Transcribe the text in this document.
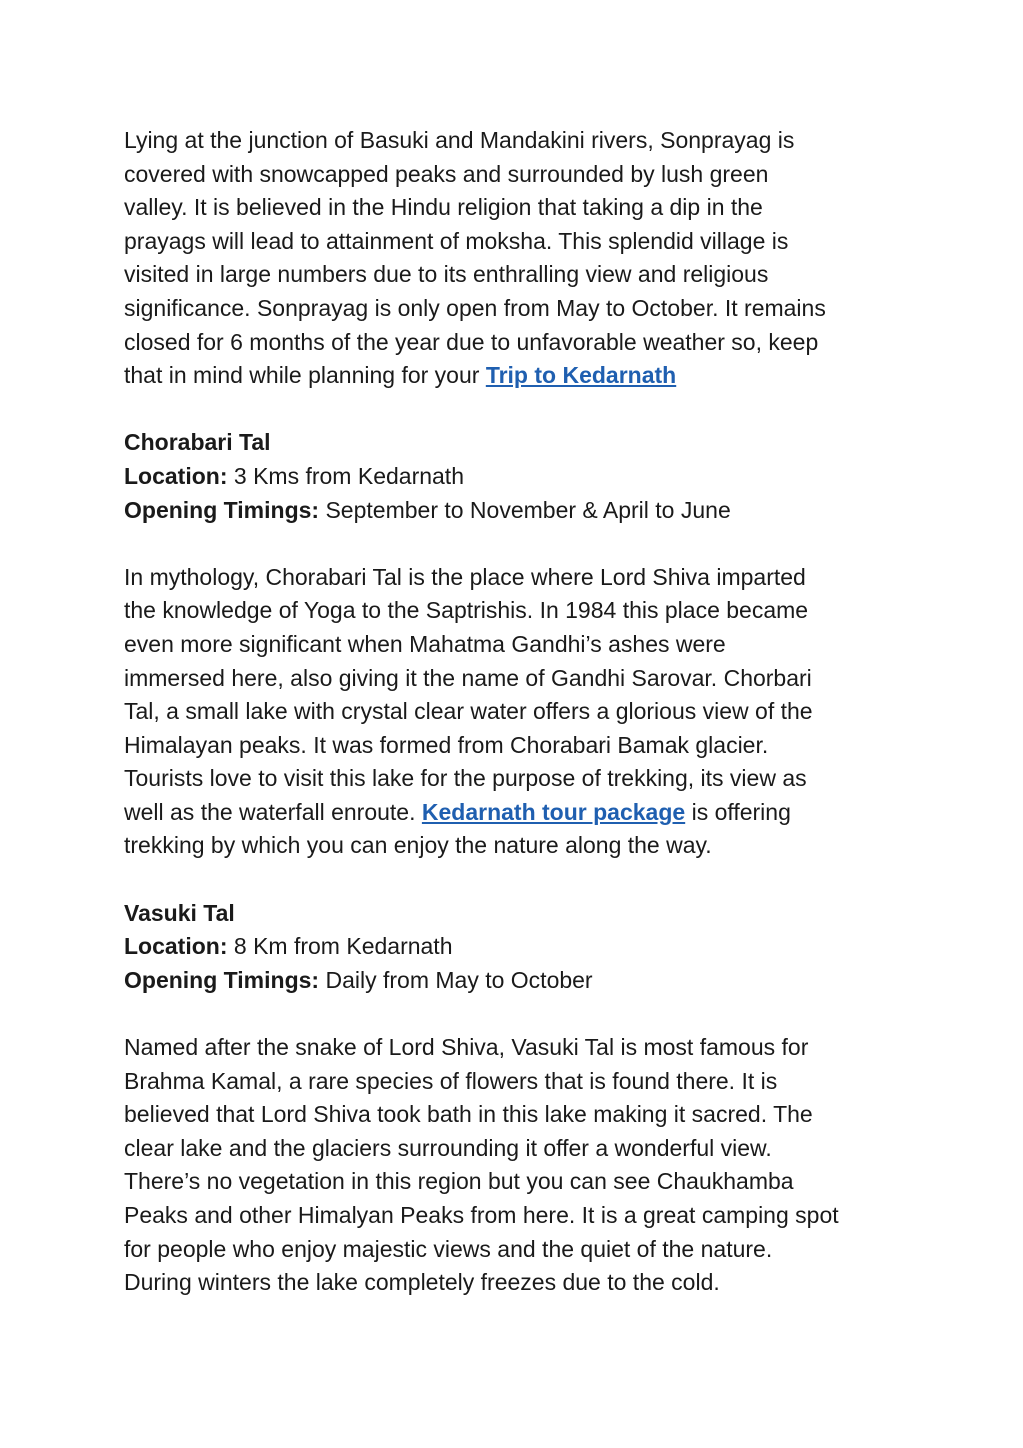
Lying at the junction of Basuki and Mandakini rivers, Sonprayag is
covered with snowcapped peaks and surrounded by lush green
valley. It is believed in the Hindu religion that taking a dip in the
prayags will lead to attainment of moksha. This splendid village is
visited in large numbers due to its enthralling view and religious
significance. Sonprayag is only open from May to October. It remains
closed for 6 months of the year due to unfavorable weather so, keep
that in mind while planning for your Trip to Kedarnath
Chorabari Tal
Location: 3 Kms from Kedarnath
Opening Timings: September to November & April to June
In mythology, Chorabari Tal is the place where Lord Shiva imparted
the knowledge of Yoga to the Saptrishis. In 1984 this place became
even more significant when Mahatma Gandhi’s ashes were
immersed here, also giving it the name of Gandhi Sarovar. Chorbari
Tal, a small lake with crystal clear water offers a glorious view of the
Himalayan peaks. It was formed from Chorabari Bamak glacier.
Tourists love to visit this lake for the purpose of trekking, its view as
well as the waterfall enroute. Kedarnath tour package is offering
trekking by which you can enjoy the nature along the way.
Vasuki Tal
Location: 8 Km from Kedarnath
Opening Timings: Daily from May to October
Named after the snake of Lord Shiva, Vasuki Tal is most famous for
Brahma Kamal, a rare species of flowers that is found there. It is
believed that Lord Shiva took bath in this lake making it sacred. The
clear lake and the glaciers surrounding it offer a wonderful view.
There’s no vegetation in this region but you can see Chaukhamba
Peaks and other Himalyan Peaks from here. It is a great camping spot
for people who enjoy majestic views and the quiet of the nature.
During winters the lake completely freezes due to the cold.
